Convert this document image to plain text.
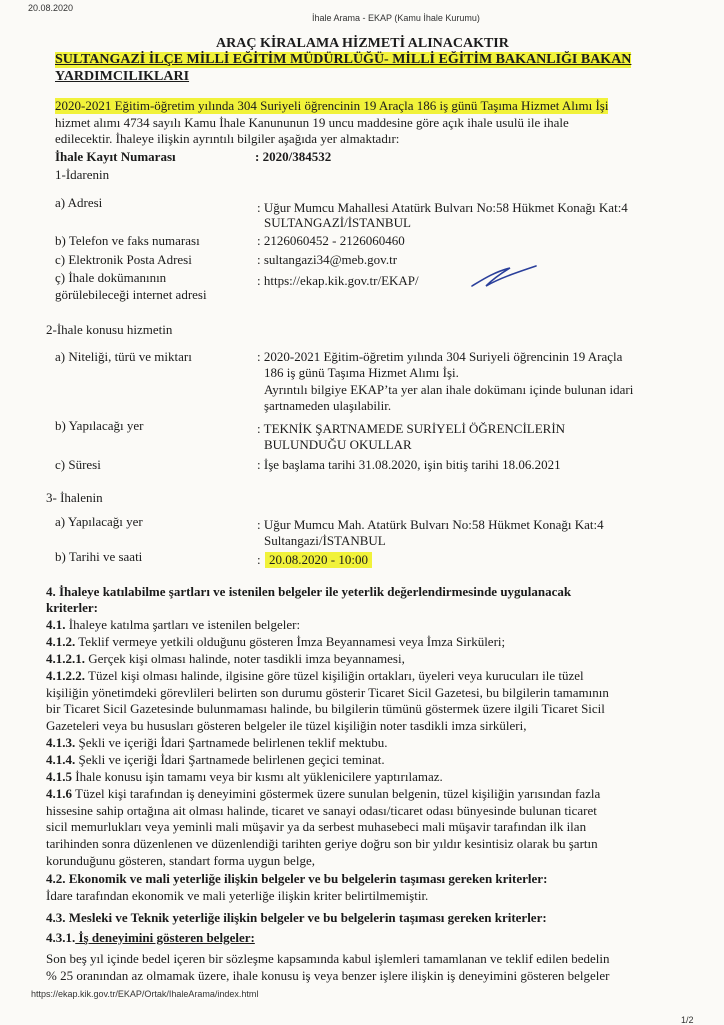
20.08.2020
İhale Arama - EKAP (Kamu İhale Kurumu)
ARAÇ KİRALAMA HİZMETİ ALINACAKTIR
SULTANGAZİ İLÇE MİLLİ EĞİTİM MÜDÜRLÜĞÜ- MİLLİ EĞİTİM BAKANLIĞI BAKAN
YARDIMCILIKLARI
2020-2021 Eğitim-öğretim yılında 304 Suriyeli öğrencinin 19 Araçla 186 iş günü Taşıma Hizmet Alımı İşi
hizmet alımı 4734 sayılı Kamu İhale Kanununun 19 uncu maddesine göre açık ihale usulü ile ihale
edilecektir. İhaleye ilişkin ayrıntılı bilgiler aşağıda yer almaktadır:
İhale Kayıt Numarası	: 2020/384532
1-İdarenin
a) Adresi	: Uğur Mumcu Mahallesi Atatürk Bulvarı No:58 Hükmet Konağı Kat:4
SULTANGAZİ/İSTANBUL
b) Telefon ve faks numarası	: 2126060452 - 2126060460
c) Elektronik Posta Adresi	: sultangazi34@meb.gov.tr
ç) İhale dokümanının
görülebileceği internet adresi
: https://ekap.kik.gov.tr/EKAP/
2-İhale konusu hizmetin
a) Niteliği, türü ve miktarı	: 2020-2021 Eğitim-öğretim yılında 304 Suriyeli öğrencinin 19 Araçla
186 iş günü Taşıma Hizmet Alımı İşi.
Ayrıntılı bilgiye EKAP’ta yer alan ihale dokümanı içinde bulunan idari
şartnameden ulaşılabilir.
b) Yapılacağı yer	: TEKNİK ŞARTNAMEDE SURİYELİ ÖĞRENCİLERİN
BULUNDUĞU OKULLAR
c) Süresi	: İşe başlama tarihi 31.08.2020, işin bitiş tarihi 18.06.2021
3- İhalenin
a) Yapılacağı yer	: Uğur Mumcu Mah. Atatürk Bulvarı No:58 Hükmet Konağı Kat:4
Sultangazi/İSTANBUL
b) Tarihi ve saati	: 20.08.2020 - 10:00
4. İhaleye katılabilme şartları ve istenilen belgeler ile yeterlik değerlendirmesinde uygulanacak
kriterler:
4.1. İhaleye katılma şartları ve istenilen belgeler:
4.1.2. Teklif vermeye yetkili olduğunu gösteren İmza Beyannamesi veya İmza Sirküleri;
4.1.2.1. Gerçek kişi olması halinde, noter tasdikli imza beyannamesi,
4.1.2.2. Tüzel kişi olması halinde, ilgisine göre tüzel kişiliğin ortakları, üyeleri veya kurucuları ile tüzel
kişiliğin yönetimdeki görevlileri belirten son durumu gösterir Ticaret Sicil Gazetesi, bu bilgilerin tamamının
bir Ticaret Sicil Gazetesinde bulunmaması halinde, bu bilgilerin tümünü göstermek üzere ilgili Ticaret Sicil
Gazeteleri veya bu hususları gösteren belgeler ile tüzel kişiliğin noter tasdikli imza sirküleri,
4.1.3. Şekli ve içeriği İdari Şartnamede belirlenen teklif mektubu.
4.1.4. Şekli ve içeriği İdari Şartnamede belirlenen geçici teminat.
4.1.5 İhale konusu işin tamamı veya bir kısmı alt yüklenicilere yaptırılamaz.
4.1.6 Tüzel kişi tarafından iş deneyimini göstermek üzere sunulan belgenin, tüzel kişiliğin yarısından fazla
hissesine sahip ortağına ait olması halinde, ticaret ve sanayi odası/ticaret odası bünyesinde bulunan ticaret
sicil memurlukları veya yeminli mali müşavir ya da serbest muhasebeci mali müşavir tarafından ilk ilan
tarihinden sonra düzenlenen ve düzenlendiği tarihten geriye doğru son bir yıldır kesintisiz olarak bu şartın
korunduğunu gösteren, standart forma uygun belge,
4.2. Ekonomik ve mali yeterliğe ilişkin belgeler ve bu belgelerin taşıması gereken kriterler:
İdare tarafından ekonomik ve mali yeterliğe ilişkin kriter belirtilmemiştir.
4.3. Mesleki ve Teknik yeterliğe ilişkin belgeler ve bu belgelerin taşıması gereken kriterler:
4.3.1. İş deneyimini gösteren belgeler:
Son beş yıl içinde bedel içeren bir sözleşme kapsamında kabul işlemleri tamamlanan ve teklif edilen bedelin
% 25 oranından az olmamak üzere, ihale konusu iş veya benzer işlere ilişkin iş deneyimini gösteren belgeler
https://ekap.kik.gov.tr/EKAP/Ortak/IhaleArama/index.html
1/2
